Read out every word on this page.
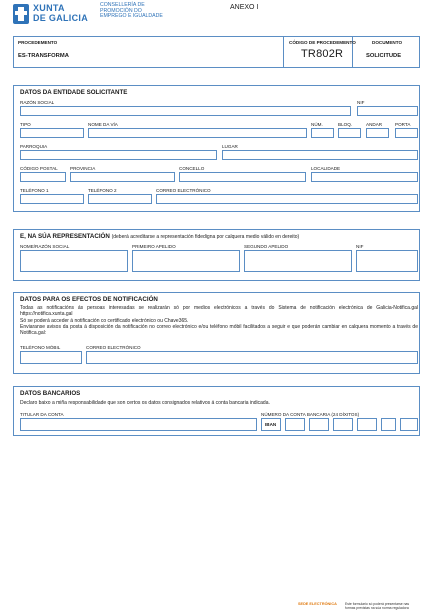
XUNTA
DE GALICIA
CONSELLERÍA DE
PROMOCIÓN DO
EMPREGO E IGUALDADE
ANEXO I
PROCEDEMENTO
ES-TRANSFORMA
CÓDIGO DE PROCEDEMENTO
TR802R
DOCUMENTO
SOLICITUDE
DATOS DA ENTIDADE SOLICITANTE
RAZÓN SOCIAL	NIF
TIPO	NOME DA VÍA	NÚM.	BLOQ.	ANDAR	PORTA
PARROQUIA	LUGAR
CÓDIGO POSTAL	PROVINCIA	CONCELLO	LOCALIDADE
TELÉFONO 1	TELÉFONO 2	CORREO ELECTRÓNICO
E, NA SÚA REPRESENTACIÓN (deberá acreditarse a representación fidedigna por calquera medio válido en dereito)
NOME/RAZÓN SOCIAL	PRIMEIRO APELIDO	SEGUNDO APELIDO	NIF
DATOS PARA OS EFECTOS DE NOTIFICACIÓN
Todas as notificacións ás persoas interesadas se realizarán só por medios electrónicos a través do Sistema de notificación electrónica de Galicia-Notifica.gal https://notifica.xunta.gal
Só se poderá acceder á notificación co certificado electrónico ou Chave365.
Enviaranse avisos da posta á disposición da notificación no correo electrónico e/ou teléfono móbil facilitados a seguir e que poderán cambiar en calquera momento a través de Notifica.gal:
TELÉFONO MÓBIL	CORREO ELECTRÓNICO
DATOS BANCARIOS
Declaro baixo a miña responsabilidade que son certos os datos consignados relativos á conta bancaria indicada.
TITULAR DA CONTA	NÚMERO DA CONTA BANCARIA (24 DÍXITOS)
IBAN
SEDE ELECTRÓNICA	Este formulario só poderá presentarse nas
formas previstas na súa norma reguladora
